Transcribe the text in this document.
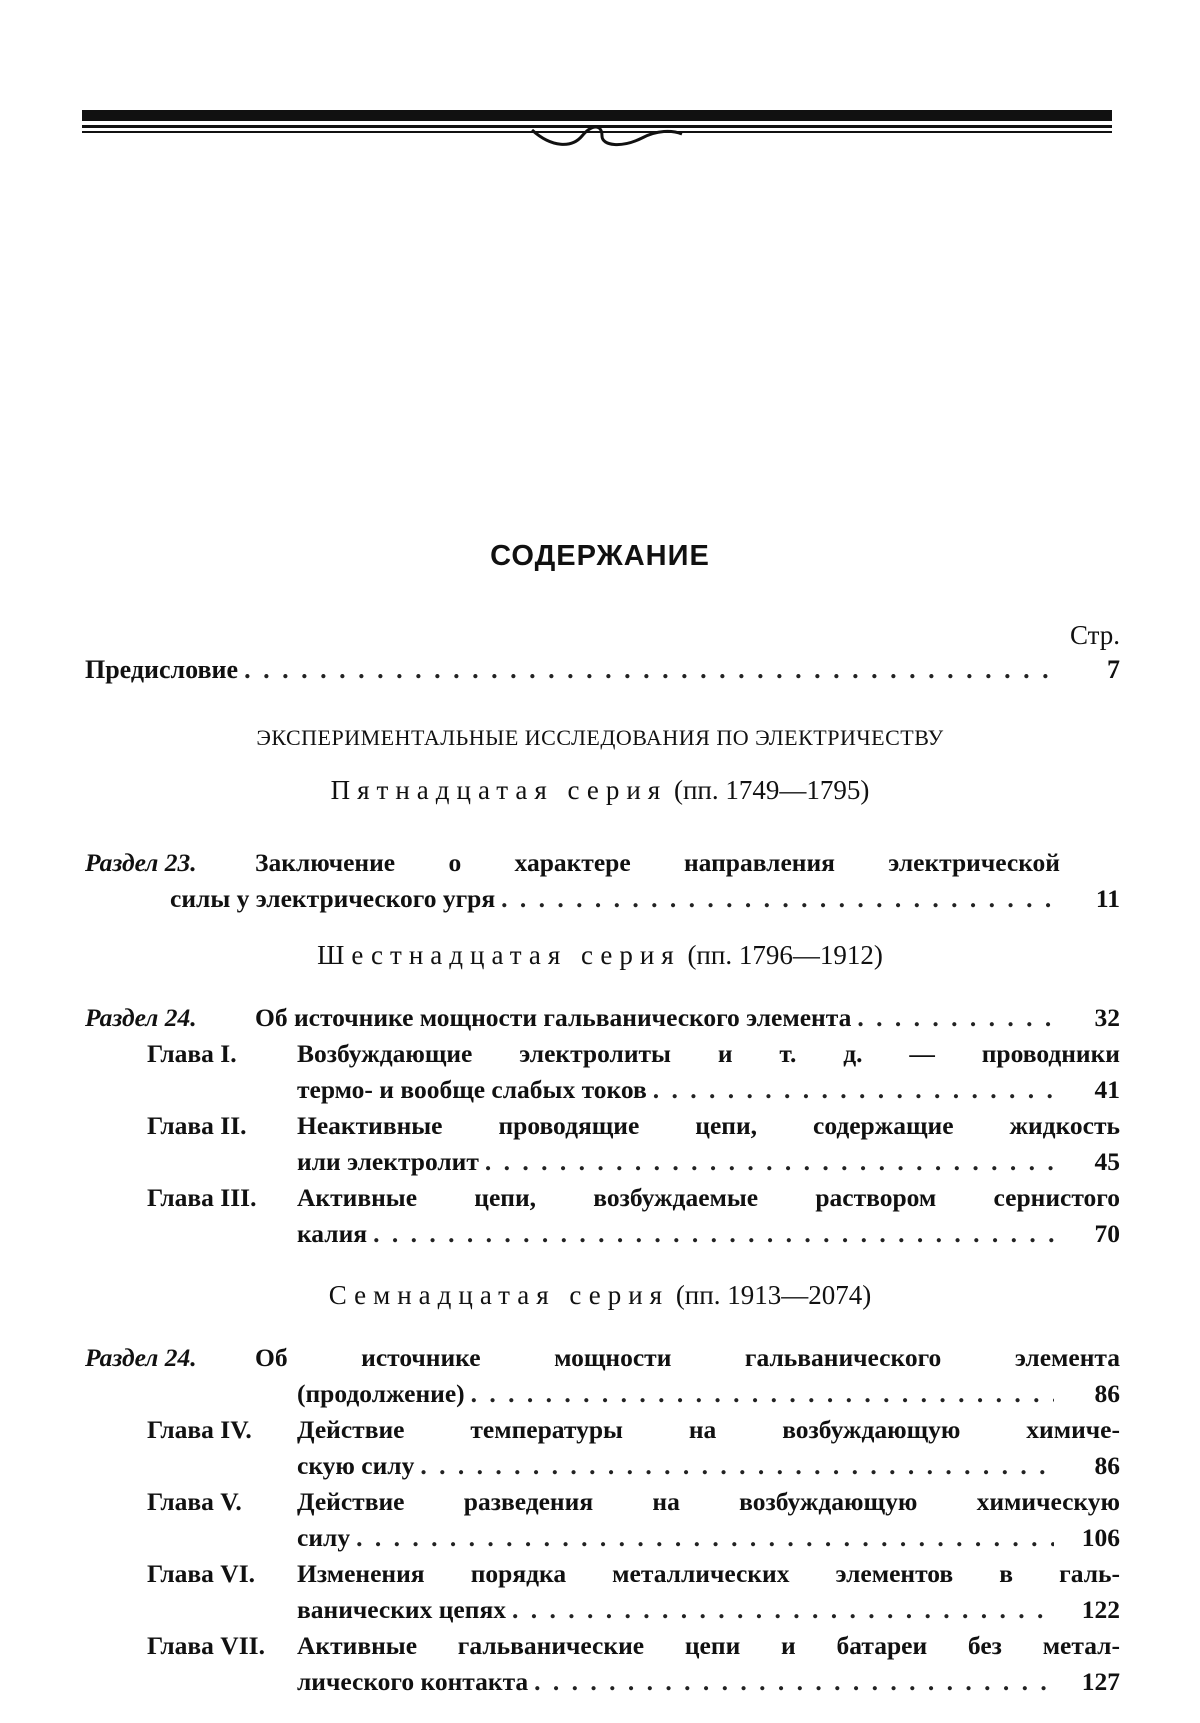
СОДЕРЖАНИЕ
Стр.
Предисловие . . .	7
ЭКСПЕРИМЕНТАЛЬНЫЕ ИССЛЕДОВАНИЯ ПО ЭЛЕКТРИЧЕСТВУ
Пятнадцатая серия (пп. 1749—1795)
Раздел 23.	Заключение о характере направления электрической
силы у электрического угря . . .	11
Шестнадцатая серия (пп. 1796—1912)
Раздел 24.	Об источнике мощности гальванического элемента . . .	32
Глава I.	Возбуждающие электролиты и т. д. — проводники
термо- и вообще слабых токов . . .	41
Глава II.	Неактивные проводящие цепи, содержащие жидкость
или электролит . . .	45
Глава III.	Активные цепи, возбуждаемые раствором сернистого
калия . . .	70
Семнадцатая серия (пп. 1913—2074)
Раздел 24.	Об источнике мощности гальванического элемента
(продолжение) . . .	86
Глава IV.	Действие температуры на возбуждающую химиче-
скую силу . . .	86
Глава V.	Действие разведения на возбуждающую химическую
силу . . .	106
Глава VI.	Изменения порядка металлических элементов в галь-
ванических цепях . . .	122
Глава VII.	Активные гальванические цепи и батареи без метал-
лического контакта . . .	127
